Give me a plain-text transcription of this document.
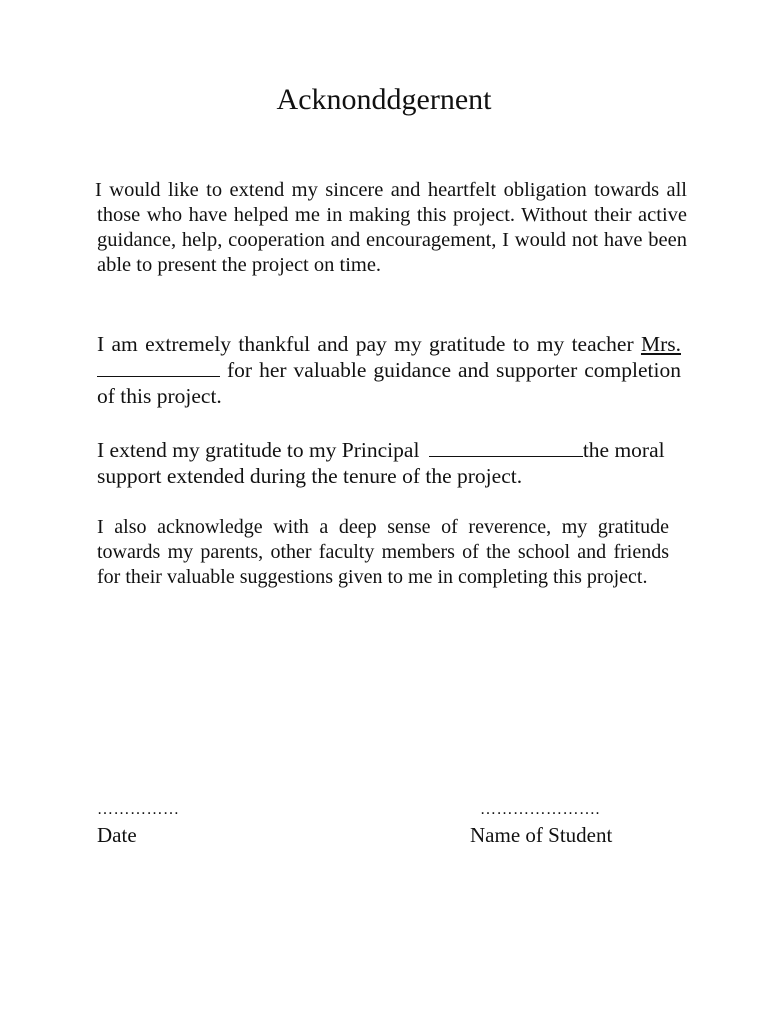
Acknonddgernent

I would like to extend my sincere and heartfelt obligation towards all those who have helped me in making this project. Without their active guidance, help, cooperation and encouragement, I would not have been able to present the project on time.

I am extremely thankful and pay my gratitude to my teacher Mrs. for her valuable guidance and supporter completion of this project.

I extend my gratitude to my Principal	the moral support extended during the tenure of the project.

I also acknowledge with a deep sense of reverence, my gratitude towards my parents, other faculty members of the school and friends for their valuable suggestions given to me in completing this project.

……………	………………….
Date	Name of Student
